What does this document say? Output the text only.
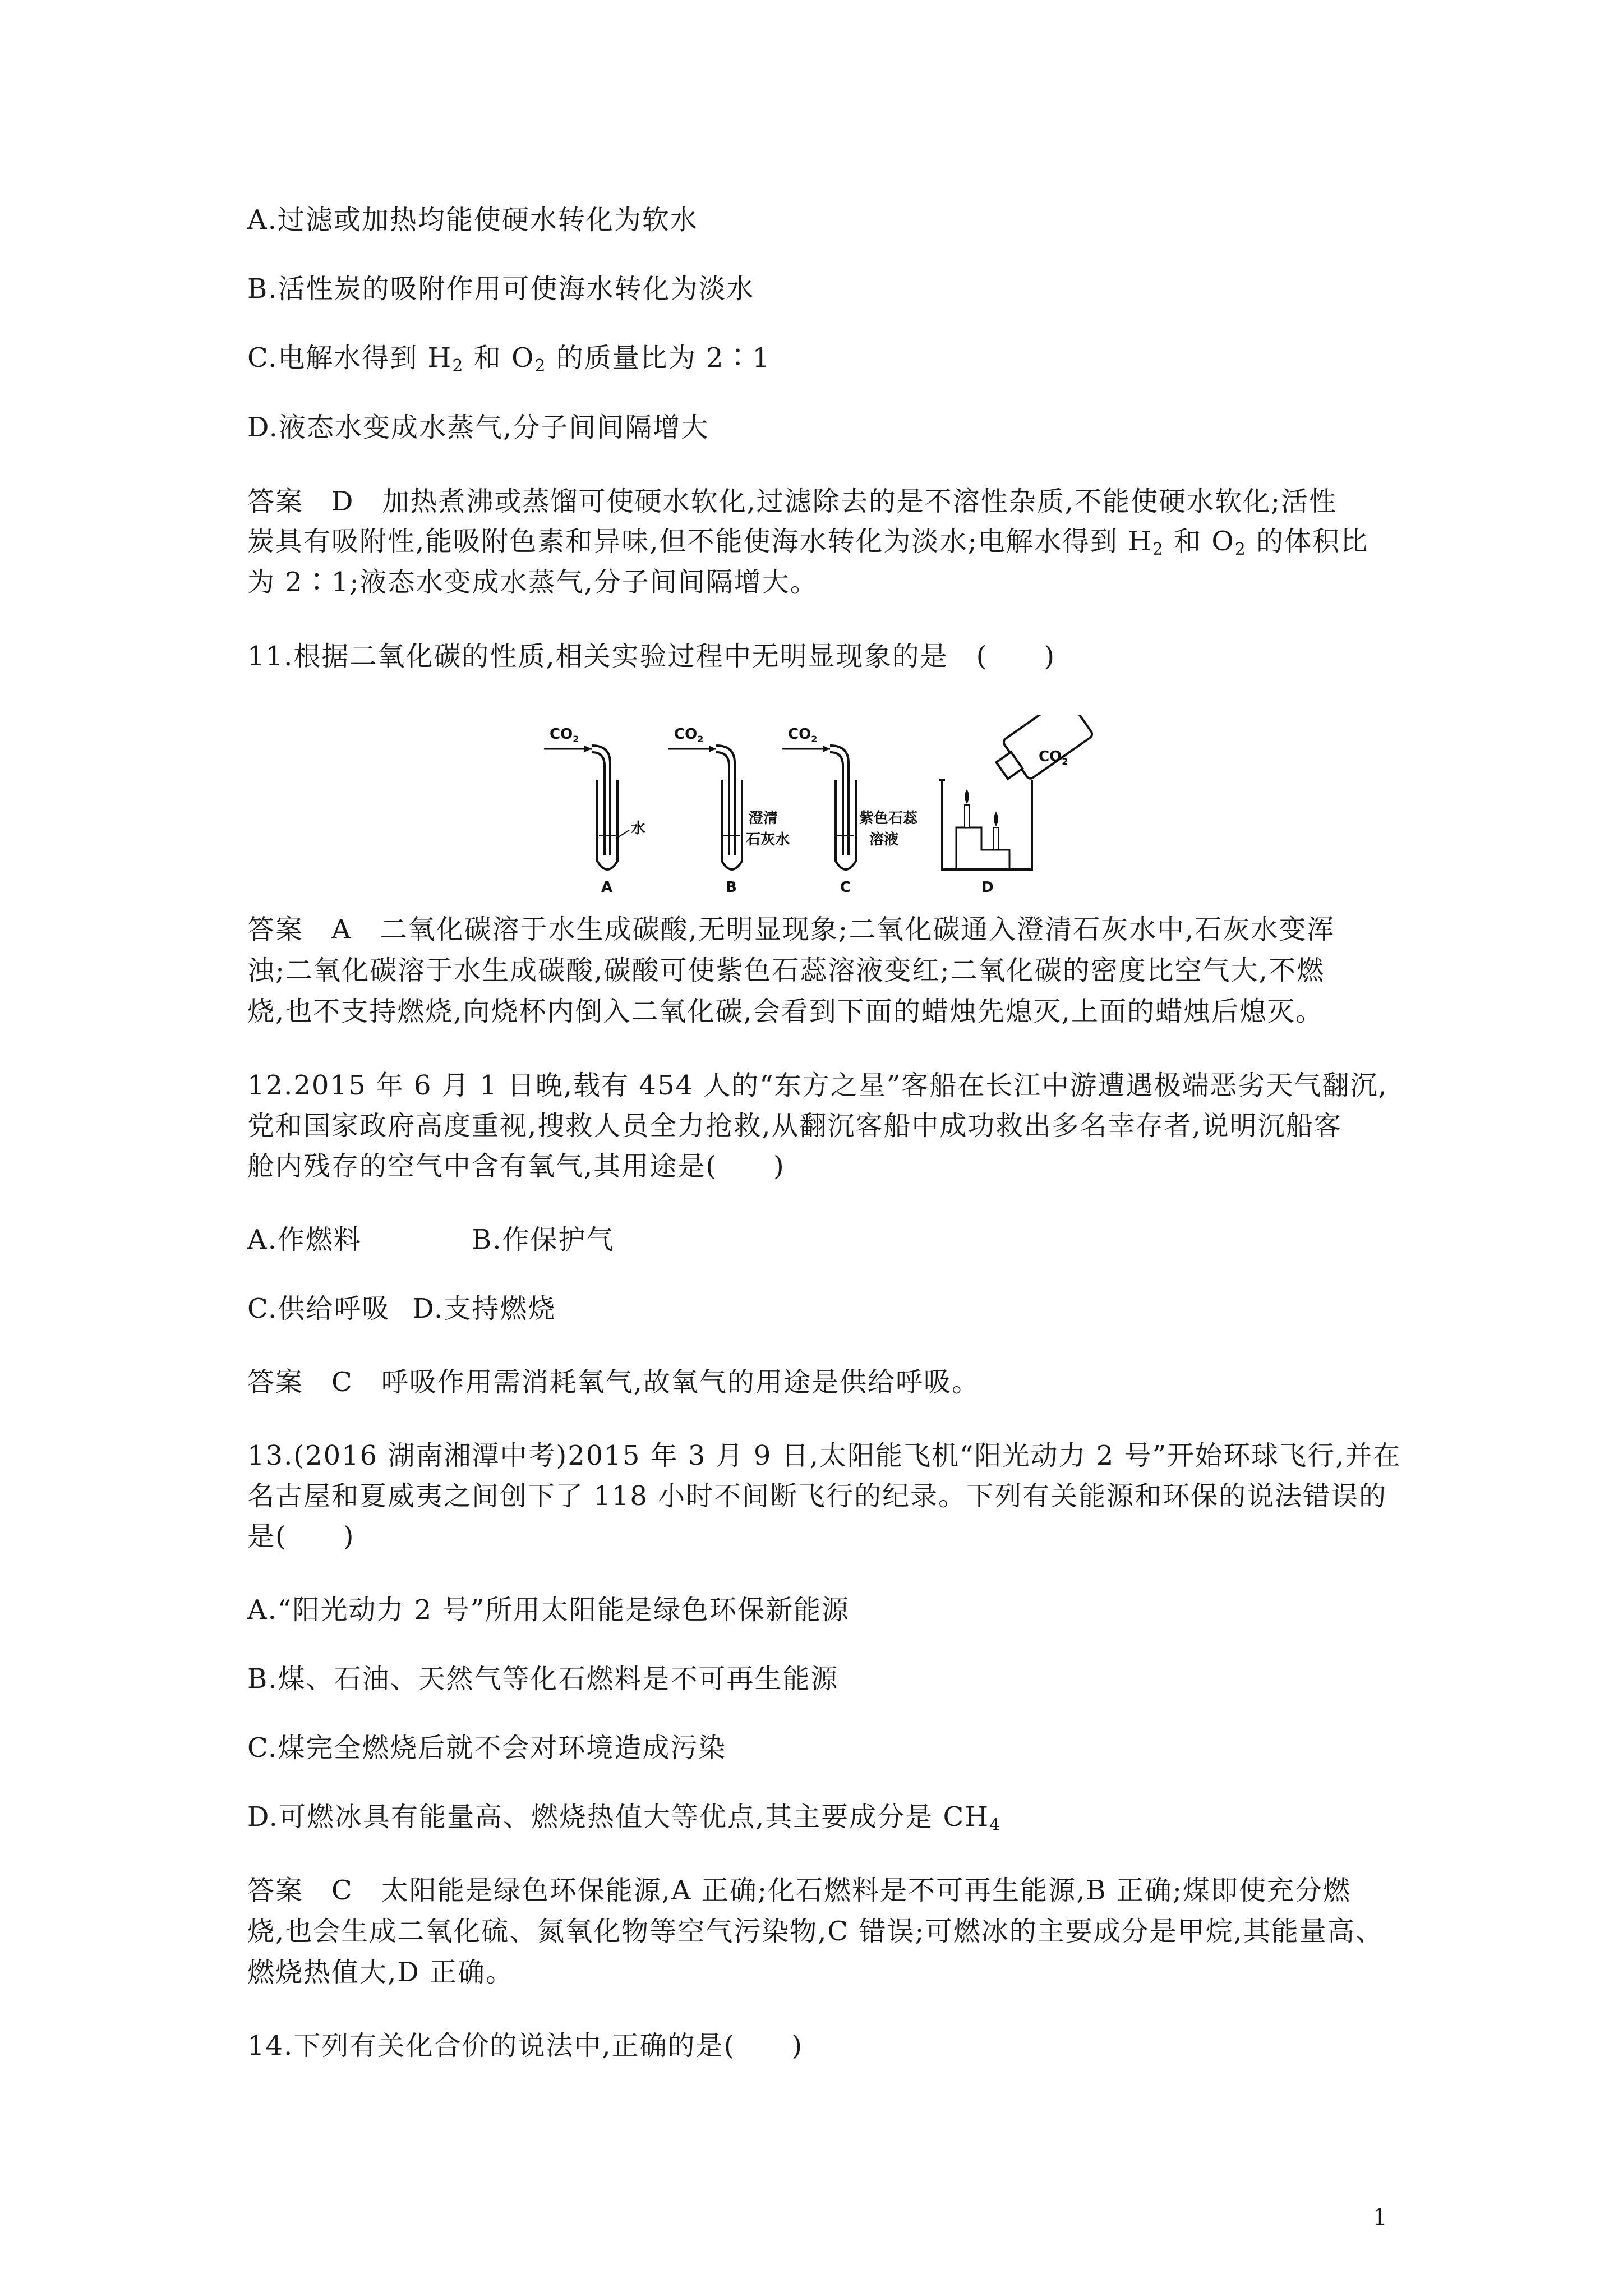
A.过滤或加热均能使硬水转化为软水
B.活性炭的吸附作用可使海水转化为淡水
C.电解水得到 $H_2$ 和 $O_2$ 的质量比为 2∶1
D.液态水变成水蒸气,分子间间隔增大
答案　D　加热煮沸或蒸馏可使硬水软化,过滤除去的是不溶性杂质,不能使硬水软化;活性
炭具有吸附性,能吸附色素和异味,但不能使海水转化为淡水;电解水得到 $H_2$ 和 $O_2$ 的体积比
为 2∶1;液态水变成水蒸气,分子间间隔增大。
11.根据二氧化碳的性质,相关实验过程中无明显现象的是　(　　)
$CO_2$
水
A
$CO_2$
澄清
石灰水
B
$CO_2$
紫色石蕊
溶液
C
$CO_2$
D
答案　A　二氧化碳溶于水生成碳酸,无明显现象;二氧化碳通入澄清石灰水中,石灰水变浑
浊;二氧化碳溶于水生成碳酸,碳酸可使紫色石蕊溶液变红;二氧化碳的密度比空气大,不燃
烧,也不支持燃烧,向烧杯内倒入二氧化碳,会看到下面的蜡烛先熄灭,上面的蜡烛后熄灭。
12.2015 年 6 月 1 日晚,载有 454 人的“东方之星”客船在长江中游遭遇极端恶劣天气翻沉,
党和国家政府高度重视,搜救人员全力抢救,从翻沉客船中成功救出多名幸存者,说明沉船客
舱内残存的空气中含有氧气,其用途是(　　)
A.作燃料	B.作保护气
C.供给呼吸 D.支持燃烧
答案　C　呼吸作用需消耗氧气,故氧气的用途是供给呼吸。
13.(2016 湖南湘潭中考)2015 年 3 月 9 日,太阳能飞机“阳光动力 2 号”开始环球飞行,并在
名古屋和夏威夷之间创下了 118 小时不间断飞行的纪录。下列有关能源和环保的说法错误的
是(　　)
A.“阳光动力 2 号”所用太阳能是绿色环保新能源
B.煤、石油、天然气等化石燃料是不可再生能源
C.煤完全燃烧后就不会对环境造成污染
D.可燃冰具有能量高、燃烧热值大等优点,其主要成分是 $CH_4$
答案　C　太阳能是绿色环保能源,A 正确;化石燃料是不可再生能源,B 正确;煤即使充分燃
烧,也会生成二氧化硫、氮氧化物等空气污染物,C 错误;可燃冰的主要成分是甲烷,其能量高、
燃烧热值大,D 正确。
14.下列有关化合价的说法中,正确的是(　　)
1
